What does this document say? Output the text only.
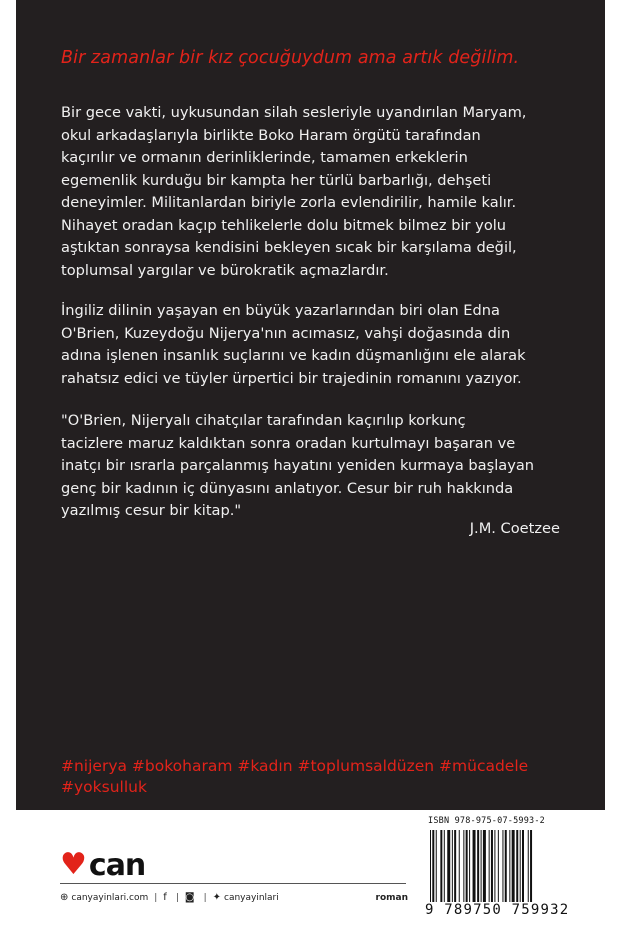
Bir zamanlar bir kız çocuğuydum ama artık değilim.
Bir gece vakti, uykusundan silah sesleriyle uyandırılan Maryam,
okul arkadaşlarıyla birlikte Boko Haram örgütü tarafından
kaçırılır ve ormanın derinliklerinde, tamamen erkeklerin
egemenlik kurduğu bir kampta her türlü barbarlığı, dehşeti
deneyimler. Militanlardan biriyle zorla evlendirilir, hamile kalır.
Nihayet oradan kaçıp tehlikelerle dolu bitmek bilmez bir yolu
aştıktan sonraysa kendisini bekleyen sıcak bir karşılama değil,
toplumsal yargılar ve bürokratik açmazlardır.
İngiliz dilinin yaşayan en büyük yazarlarından biri olan Edna
O'Brien, Kuzeydoğu Nijerya'nın acımasız, vahşi doğasında din
adına işlenen insanlık suçlarını ve kadın düşmanlığını ele alarak
rahatsız edici ve tüyler ürpertici bir trajedinin romanını yazıyor.
"O'Brien, Nijeryalı cihatçılar tarafından kaçırılıp korkunç
tacizlere maruz kaldıktan sonra oradan kurtulmayı başaran ve
inatçı bir ısrarla parçalanmış hayatını yeniden kurmaya başlayan
genç bir kadının iç dünyasını anlatıyor. Cesur bir ruh hakkında
yazılmış cesur bir kitap."
J.M. Coetzee
#nijerya #bokoharam #kadın #toplumsaldüzen #mücadele
#yoksulluk
♥ can
⊕ canyayinlari.com | f | ◙ | ✦ canyayinlari	roman
ISBN 978-975-07-5993-2
9 789750 759932
